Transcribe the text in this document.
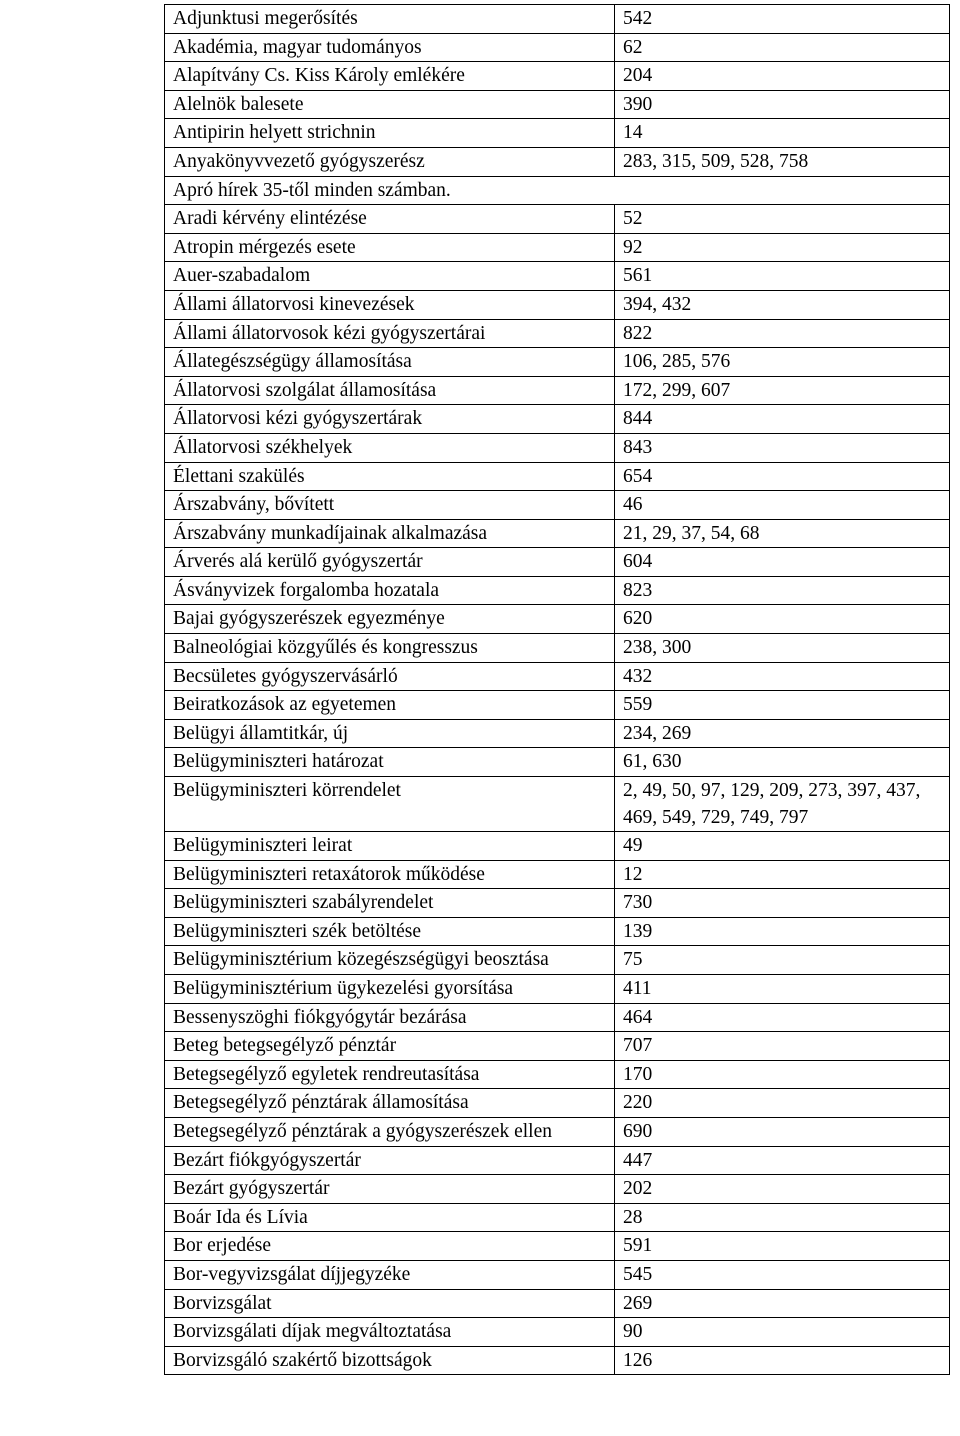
Adjunktusi megerősítés	542
Akadémia, magyar tudományos	62
Alapítvány Cs. Kiss Károly emlékére	204
Alelnök balesete	390
Antipirin helyett strichnin	14
Anyakönyvvezető gyógyszerész	283, 315, 509, 528, 758
Apró hírek 35-től minden számban.	
Aradi kérvény elintézése	52
Atropin mérgezés esete	92
Auer-szabadalom	561
Állami állatorvosi kinevezések	394, 432
Állami állatorvosok kézi gyógyszertárai	822
Állategészségügy államosítása	106, 285, 576
Állatorvosi szolgálat államosítása	172, 299, 607
Állatorvosi kézi gyógyszertárak	844
Állatorvosi székhelyek	843
Élettani szakülés	654
Árszabvány, bővített	46
Árszabvány munkadíjainak alkalmazása	21, 29, 37, 54, 68
Árverés alá kerülő gyógyszertár	604
Ásványvizek forgalomba hozatala	823
Bajai gyógyszerészek egyezménye	620
Balneológiai közgyűlés és kongresszus	238, 300
Becsületes gyógyszervásárló	432
Beiratkozások az egyetemen	559
Belügyi államtitkár, új	234, 269
Belügyminiszteri határozat	61, 630
Belügyminiszteri körrendelet	2, 49, 50, 97, 129, 209, 273, 397, 437, 469, 549, 729, 749, 797
Belügyminiszteri leirat	49
Belügyminiszteri retaxátorok működése	12
Belügyminiszteri szabályrendelet	730
Belügyminiszteri szék betöltése	139
Belügyminisztérium közegészségügyi beosztása	75
Belügyminisztérium ügykezelési gyorsítása	411
Bessenyszöghi fiókgyógytár bezárása	464
Beteg betegsegélyző pénztár	707
Betegsegélyző egyletek rendreutasítása	170
Betegsegélyző pénztárak államosítása	220
Betegsegélyző pénztárak a gyógyszerészek ellen	690
Bezárt fiókgyógyszertár	447
Bezárt gyógyszertár	202
Boár Ida és Lívia	28
Bor erjedése	591
Bor-vegyvizsgálat díjjegyzéke	545
Borvizsgálat	269
Borvizsgálati díjak megváltoztatása	90
Borvizsgáló szakértő bizottságok	126
